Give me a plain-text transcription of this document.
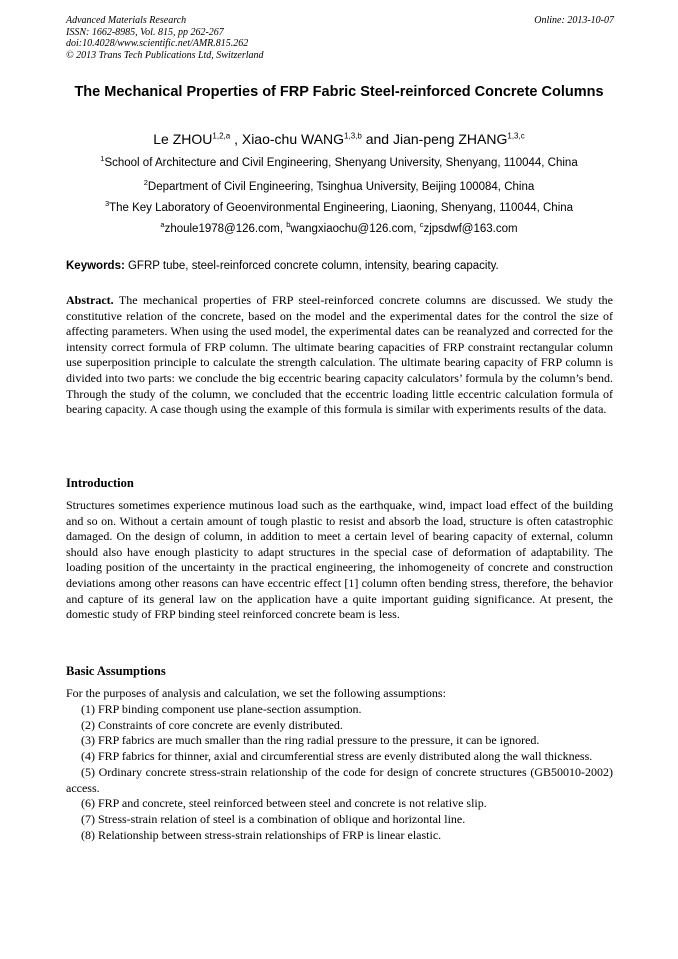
Advanced Materials Research
ISSN: 1662-8985, Vol. 815, pp 262-267
doi:10.4028/www.scientific.net/AMR.815.262
© 2013 Trans Tech Publications Ltd, Switzerland
Online: 2013-10-07
The Mechanical Properties of FRP Fabric Steel-reinforced Concrete Columns
Le ZHOU$^{1,2,a}$ , Xiao-chu WANG$^{1,3,b}$ and Jian-peng ZHANG$^{1,3,c}$
$^1$School of Architecture and Civil Engineering, Shenyang University, Shenyang, 110044, China
$^2$Department of Civil Engineering, Tsinghua University, Beijing 100084, China
$^3$The Key Laboratory of Geoenvironmental Engineering, Liaoning, Shenyang, 110044, China
$^a$zhoule1978@126.com, $^b$wangxiaochu@126.com, $^c$zjpsdwf@163.com
Keywords: GFRP tube, steel-reinforced concrete column, intensity, bearing capacity.
Abstract. The mechanical properties of FRP steel-reinforced concrete columns are discussed. We study the constitutive relation of the concrete, based on the model and the experimental dates for the control the size of affecting parameters. When using the used model, the experimental dates can be reanalyzed and corrected for the intensity correct formula of FRP column. The ultimate bearing capacities of FRP constraint rectangular column use superposition principle to calculate the strength calculation. The ultimate bearing capacity of FRP column is divided into two parts: we conclude the big eccentric bearing capacity calculators’ formula by the column’s bend. Through the study of the column, we concluded that the eccentric loading little eccentric calculation formula of bearing capacity. A case though using the example of this formula is similar with experiments results of the data.
Introduction
Structures sometimes experience mutinous load such as the earthquake, wind, impact load effect of the building and so on. Without a certain amount of tough plastic to resist and absorb the load, structure is often catastrophic damaged. On the design of column, in addition to meet a certain level of bearing capacity of external, column should also have enough plasticity to adapt structures in the special case of deformation of adaptability. The loading position of the uncertainty in the practical engineering, the inhomogeneity of concrete and construction deviations among other reasons can have eccentric effect [1] column often bending stress, therefore, the behavior and capture of its general law on the application have a quite important guiding significance. At present, the domestic study of FRP binding steel reinforced concrete beam is less.
Basic Assumptions
For the purposes of analysis and calculation, we set the following assumptions:
(1) FRP binding component use plane-section assumption.
(2) Constraints of core concrete are evenly distributed.
(3) FRP fabrics are much smaller than the ring radial pressure to the pressure, it can be ignored.
(4) FRP fabrics for thinner, axial and circumferential stress are evenly distributed along the wall thickness.
(5) Ordinary concrete stress-strain relationship of the code for design of concrete structures (GB50010-2002) access.
(6) FRP and concrete, steel reinforced between steel and concrete is not relative slip.
(7) Stress-strain relation of steel is a combination of oblique and horizontal line.
(8) Relationship between stress-strain relationships of FRP is linear elastic.
